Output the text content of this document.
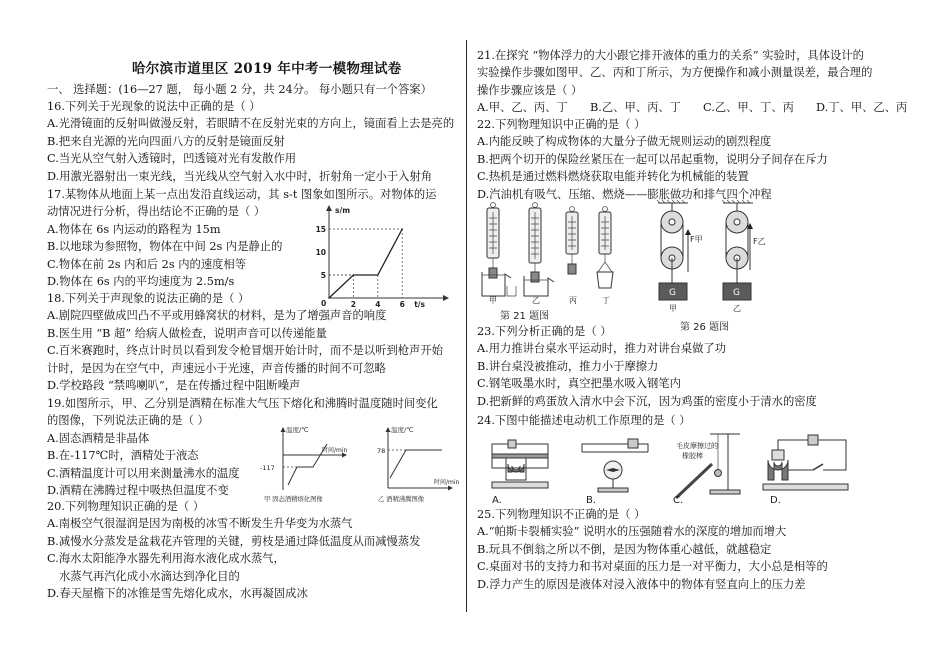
哈尔滨市道里区 2019 年中考一模物理试卷
一、 选择题：(16—27 题， 每小题 2 分，共 24分。 每小题只有一个答案）
16.下列关于光现象的说法中正确的是（ ）
A.光滑镜面的反射叫做漫反射，若眼睛不在反射光束的方向上，镜面看上去是亮的
B.把来自光源的光向四面八方的反射是镜面反射
C.当光从空气射入透镜时，凹透镜对光有发散作用
D.用激光器射出一束光线，当光线从空气射入水中时，折射角一定小于入射角
17.某物体从地面上某一点出发沿直线运动，其 s-t 图象如图所示。对物体的运
动情况进行分析，得出结论不正确的是（ ）
A.物体在 6s 内运动的路程为 15m
B.以地球为参照物，物体在中间 2s 内是静止的
C.物体在前 2s 内和后 2s 内的速度相等
D.物体在 6s 内的平均速度为 2.5m/s
18.下列关于声现象的说法正确的是（ ）
A.剧院四壁做成凹凸不平或用蜂窝状的材料，是为了增强声音的响度
B.医生用 “B 超” 给病人做检查，说明声音可以传递能量
C.百米赛跑时，终点计时员以看到发令枪冒烟开始计时，而不是以听到枪声开始
计时，是因为在空气中，声速远小于光速，声音传播的时间不可忽略
D.学校路段 “禁鸣喇叭”，是在传播过程中阻断噪声
19.如图所示，甲、乙分别是酒精在标准大气压下熔化和沸腾时温度随时间变化
的图像，下列说法正确的是（ ）
A.固态酒精是非晶体
B.在-117℃时，酒精处于液态
C.酒精温度计可以用来测量沸水的温度
D.酒精在沸腾过程中吸热但温度不变
20.下列物理知识正确的是（ ）
A.南极空气很湿润是因为南极的冰雪不断发生升华变为水蒸气
B.减慢水分蒸发是盆栽花卉管理的关键，剪枝是通过降低温度从而减慢蒸发
C.海水太阳能净水器先利用海水液化成水蒸气，
水蒸气再汽化成小水滴达到净化目的
D.春天屋檐下的冰锥是雪先熔化成水，水再凝固成冰
s/m
t/s
0
5
10
15
2	4	6
温度/℃
时间/min
-117
甲 固态酒精熔化图像
温度/℃
时间/min
78
乙 酒精沸腾图像
21.在探究 “物体浮力的大小跟它排开液体的重力的关系” 实验时，具体设计的
实验操作步骤如图甲、乙、丙和丁所示，为方便操作和减小测量误差，最合理的
操作步骤应该是（ ）
A.甲、乙、丙、丁 B.乙、甲、丙、丁 C.乙、甲、丁、丙 D.丁、甲、乙、丙
22.下列物理知识中正确的是（ ）
A.内能反映了构成物体的大量分子做无规则运动的剧烈程度
B.把两个切开的保险丝紧压在一起可以吊起重物，说明分子间存在斥力
C.热机是通过燃料燃烧获取电能并转化为机械能的装置
D.汽油机有吸气、压缩、燃烧——膨胀做功和排气四个冲程
甲	乙	丙	丁
第 21 题图
G	G
F甲	F乙
甲	乙
第 26 题图
23.下列分析正确的是（ ）
A.用力推讲台桌水平运动时，推力对讲台桌做了功
B.讲台桌没被推动，推力小于摩擦力
C.钢笔吸墨水时，真空把墨水吸入钢笔内
D.把新鲜的鸡蛋放入清水中会下沉，因为鸡蛋的密度小于清水的密度
24.下图中能描述电动机工作原理的是（ ）
毛皮摩擦过的
橡胶棒
A.	B.	C.	D.
25.下列物理知识不正确的是（ ）
A.“帕斯卡裂桶实验” 说明水的压强随着水的深度的增加而增大
B.玩具不倒翁之所以不倒，是因为物体重心越低，就越稳定
C.桌面对书的支持力和书对桌面的压力是一对平衡力，大小总是相等的
D.浮力产生的原因是液体对浸入液体中的物体有竖直向上的压力差
